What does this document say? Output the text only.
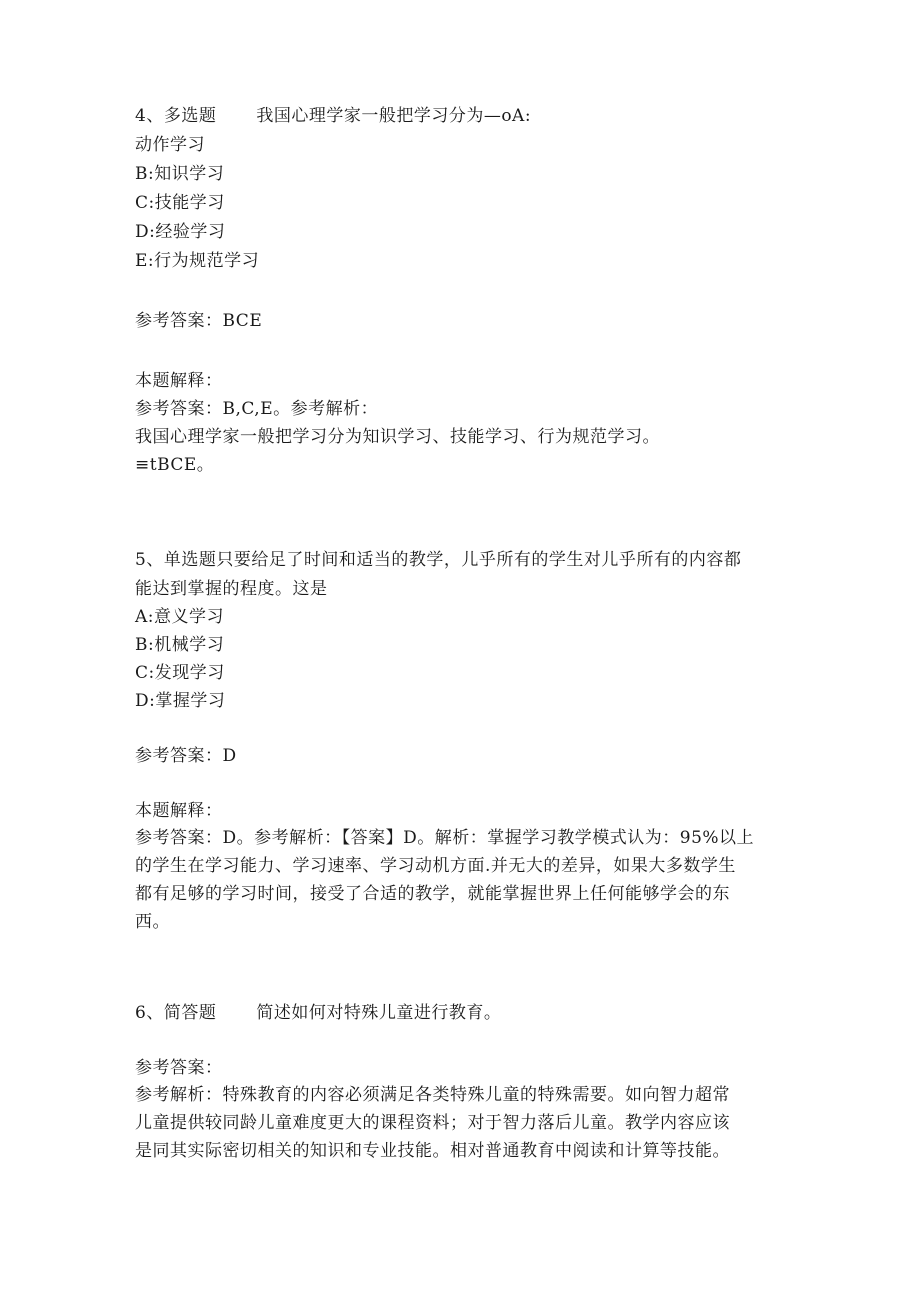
4、多选题 我国心理学家一般把学习分为—oA:
动作学习
B:知识学习
C:技能学习
D:经验学习
E:行为规范学习
参考答案：BCE
本题解释：
参考答案：B,C,E。参考解析：
我国心理学家一般把学习分为知识学习、技能学习、行为规范学习。
≡tBCE。
5、单选题只要给足了时间和适当的教学，儿乎所有的学生对儿乎所有的内容都
能达到掌握的程度。这是
A:意义学习
B:机械学习
C:发现学习
D:掌握学习
参考答案：D
本题解释：
参考答案：D。参考解析：【答案】D。解析：掌握学习教学模式认为：95%以上
的学生在学习能力、学习速率、学习动机方面.并无大的差异，如果大多数学生
都有足够的学习时间，接受了合适的教学，就能掌握世界上任何能够学会的东
西。
6、简答题 简述如何对特殊儿童进行教育。
参考答案：
参考解析：特殊教育的内容必须满足各类特殊儿童的特殊需要。如向智力超常
儿童提供较同龄儿童难度更大的课程资料；对于智力落后儿童。教学内容应该
是同其实际密切相关的知识和专业技能。相对普通教育中阅读和计算等技能。
